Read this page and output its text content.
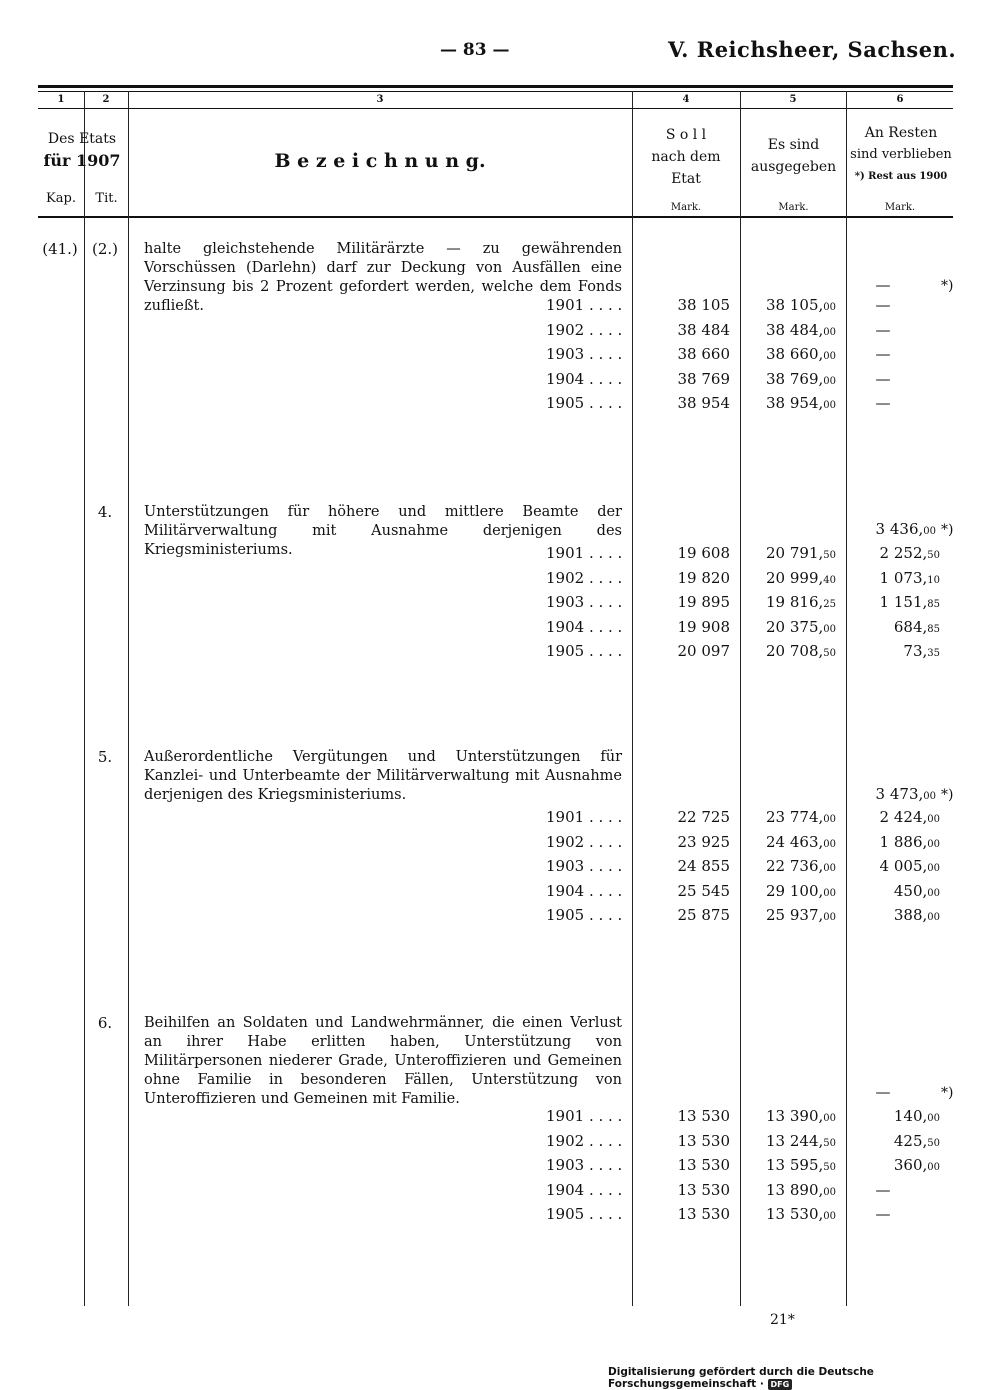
— 83 —	V. Reichsheer, Sachsen.
1	2	3	4	5	6
Des Etats
für 1907
Kap.	Tit.
B e z e i c h n u n g.
S o l l
nach dem
Etat
Es sind
ausgegeben
An Resten
sind verblieben
*) Rest aus 1900
Mark.	Mark.	Mark.
(41.) (2.)	halte gleichstehende Militärärzte — zu gewährenden Vorschüssen (Darlehn) darf zur Deckung von Ausfällen eine Verzinsung bis 2 Prozent gefordert werden, welche dem Fonds zufließt.
—	*)
1901 . . . .	38 105	38 105,00	—
1902 . . . .	38 484	38 484,00	—
1903 . . . .	38 660	38 660,00	—
1904 . . . .	38 769	38 769,00	—
1905 . . . .	38 954	38 954,00	—
4.	Unterstützungen für höhere und mittlere Beamte der Militärverwaltung mit Ausnahme derjenigen des Kriegsministeriums.
3 436,00 *)
1901 . . . .	19 608	20 791,50	2 252,50
1902 . . . .	19 820	20 999,40	1 073,10
1903 . . . .	19 895	19 816,25	1 151,85
1904 . . . .	19 908	20 375,00	684,85
1905 . . . .	20 097	20 708,50	73,35
5.	Außerordentliche Vergütungen und Unterstützungen für Kanzlei- und Unterbeamte der Militärverwaltung mit Ausnahme derjenigen des Kriegsministeriums.	3 473,00 *)
1901 . . . .	22 725	23 774,00	2 424,00
1902 . . . .	23 925	24 463,00	1 886,00
1903 . . . .	24 855	22 736,00	4 005,00
1904 . . . .	25 545	29 100,00	450,00
1905 . . . .	25 875	25 937,00	388,00
6.	Beihilfen an Soldaten und Landwehrmänner, die einen Verlust an ihrer Habe erlitten haben, Unterstützung von Militärpersonen niederer Grade, Unteroffizieren und Gemeinen ohne Familie in besonderen Fällen, Unterstützung von Unteroffizieren und Gemeinen mit Familie.	—	*)
1901 . . . .	13 530	13 390,00	140,00
1902 . . . .	13 530	13 244,50	425,50
1903 . . . .	13 530	13 595,50	360,00
1904 . . . .	13 530	13 890,00	—
1905 . . . .	13 530	13 530,00	—
21*
Digitalisierung gefördert durch die Deutsche Forschungsgemeinschaft · DFG
